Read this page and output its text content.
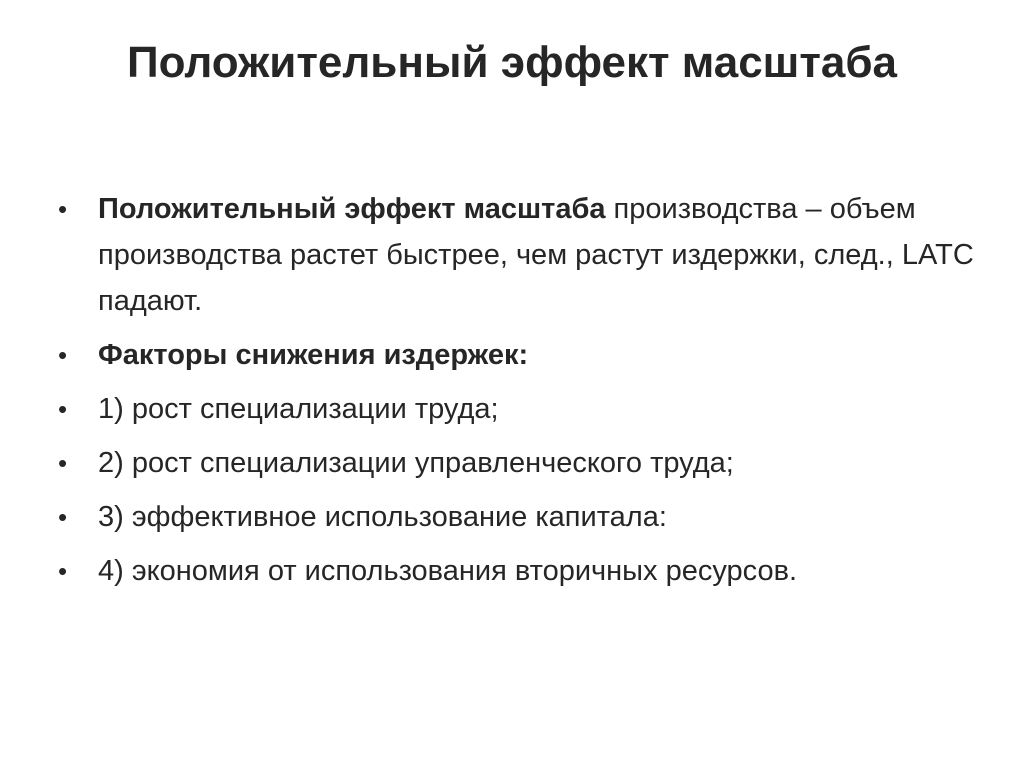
Положительный эффект масштаба
•	Положительный эффект масштаба производства – объем производства растет быстрее, чем растут издержки, след., LATC падают.
•	Факторы снижения издержек:
•	1) рост специализации труда;
•	2) рост специализации управленческого труда;
•	3) эффективное использование капитала:
•	4) экономия от использования вторичных ресурсов.
